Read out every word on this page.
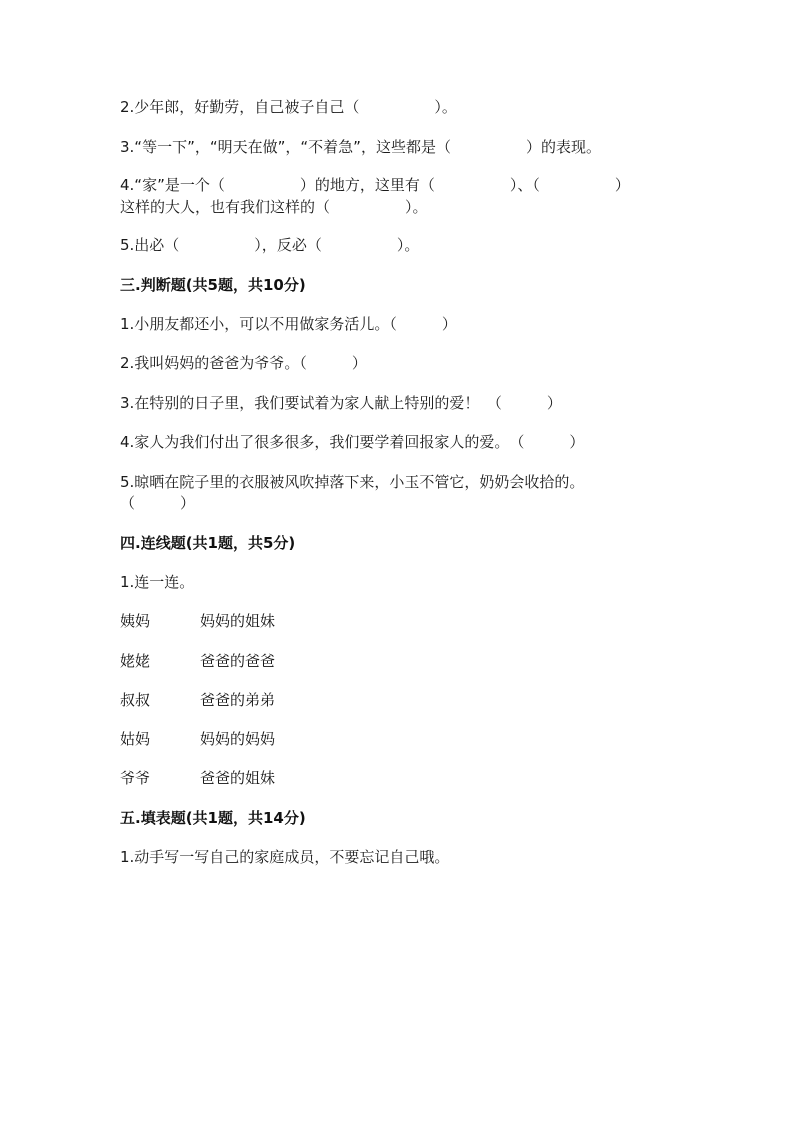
2.少年郎，好勤劳，自己被子自己（　　　　　）。
3.“等一下”，“明天在做”，“不着急”，这些都是（　　　　　）的表现。
4.“家”是一个（　　　　　）的地方，这里有（　　　　　）、（　　　　　）
这样的大人，也有我们这样的（　　　　　）。
5.出必（　　　　　），反必（　　　　　）。
三.判断题(共5题，共10分)
1.小朋友都还小，可以不用做家务活儿。（　　　）
2.我叫妈妈的爸爸为爷爷。（　　　）
3.在特别的日子里，我们要试着为家人献上特别的爱！　（　　　）
4.家人为我们付出了很多很多，我们要学着回报家人的爱。　（　　　）
5.晾晒在院子里的衣服被风吹掉落下来，小玉不管它，奶奶会收拾的。
（　　　）
四.连线题(共1题，共5分)
1.连一连。
姨妈	妈妈的姐妹
姥姥	爸爸的爸爸
叔叔	爸爸的弟弟
姑妈	妈妈的妈妈
爷爷	爸爸的姐妹
五.填表题(共1题，共14分)
1.动手写一写自己的家庭成员，不要忘记自己哦。
